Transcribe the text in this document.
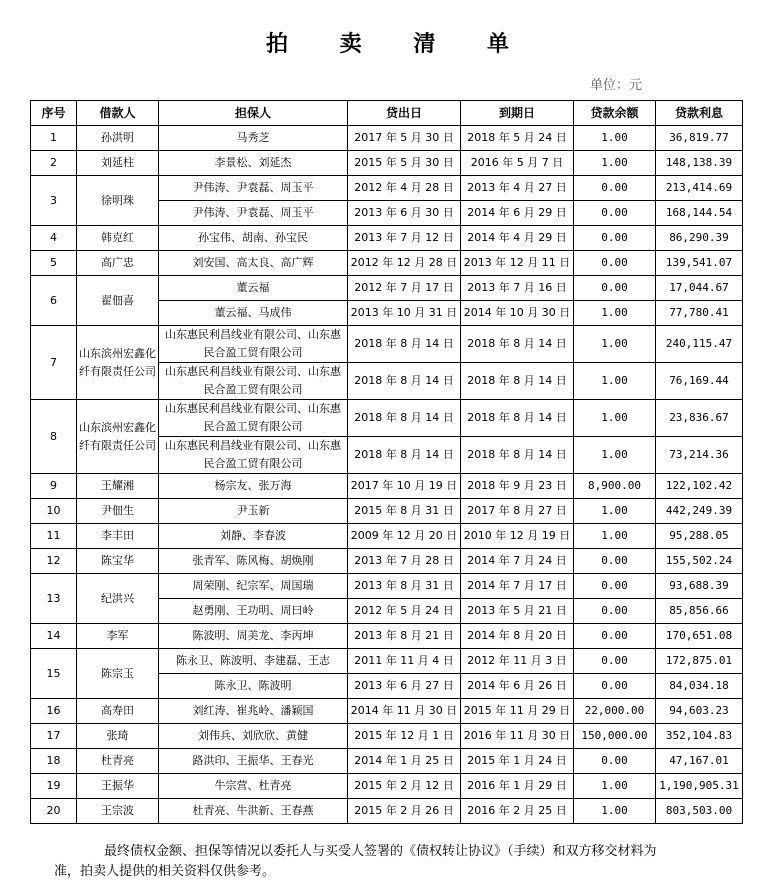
拍 卖 清 单
单位：元
序号	借款人	担保人	贷出日	到期日	贷款余额	贷款利息
1	孙洪明	马秀芝	2017 年 5 月 30 日	2018 年 5 月 24 日	1.00	36,819.77
2	刘延柱	李景松、刘延杰	2015 年 5 月 30 日	2016 年 5 月 7 日	1.00	148,138.39
3	徐明珠	尹伟涛、尹袁磊、周玉平	2012 年 4 月 28 日	2013 年 4 月 27 日	0.00	213,414.69
		尹伟涛、尹袁磊、周玉平	2013 年 6 月 30 日	2014 年 6 月 29 日	0.00	168,144.54
4	韩克红	孙宝伟、胡南、孙宝民	2013 年 7 月 12 日	2014 年 4 月 29 日	0.00	86,290.39
5	高广忠	刘安国、高太良、高广辉	2012 年 12 月 28 日	2013 年 12 月 11 日	0.00	139,541.07
6	翟佃喜	董云福	2012 年 7 月 17 日	2013 年 7 月 16 日	0.00	17,044.67
		董云福、马成伟	2013 年 10 月 31 日	2014 年 10 月 30 日	1.00	77,780.41
7	山东滨州宏鑫化纤有限责任公司	山东惠民利昌线业有限公司、山东惠民合盈工贸有限公司	2018 年 8 月 14 日	2018 年 8 月 14 日	1.00	240,115.47
		山东惠民利昌线业有限公司、山东惠民合盈工贸有限公司	2018 年 8 月 14 日	2018 年 8 月 14 日	1.00	76,169.44
8	山东滨州宏鑫化纤有限责任公司	山东惠民利昌线业有限公司、山东惠民合盈工贸有限公司	2018 年 8 月 14 日	2018 年 8 月 14 日	1.00	23,836.67
		山东惠民利昌线业有限公司、山东惠民合盈工贸有限公司	2018 年 8 月 14 日	2018 年 8 月 14 日	1.00	73,214.36
9	王耀湘	杨宗友、张万海	2017 年 10 月 19 日	2018 年 9 月 23 日	8,900.00	122,102.42
10	尹佃生	尹玉新	2015 年 8 月 31 日	2017 年 8 月 27 日	1.00	442,249.39
11	李丰田	刘静、李春波	2009 年 12 月 20 日	2010 年 12 月 19 日	1.00	95,288.05
12	陈宝华	张青军、陈风梅、胡焕刚	2013 年 7 月 28 日	2014 年 7 月 24 日	0.00	155,502.24
13	纪洪兴	周荣刚、纪宗军、周国瑞	2013 年 8 月 31 日	2014 年 7 月 17 日	0.00	93,688.39
		赵勇刚、王功明、周曰岭	2012 年 5 月 24 日	2013 年 5 月 21 日	0.00	85,856.66
14	李军	陈波明、周美龙、李丙坤	2013 年 8 月 21 日	2014 年 8 月 20 日	0.00	170,651.08
15	陈宗玉	陈永卫、陈波明、李建磊、王志	2011 年 11 月 4 日	2012 年 11 月 3 日	0.00	172,875.01
		陈永卫、陈波明	2013 年 6 月 27 日	2014 年 6 月 26 日	0.00	84,034.18
16	高寿田	刘红涛、崔兆岭、潘颖国	2014 年 11 月 30 日	2015 年 11 月 29 日	22,000.00	94,603.23
17	张琦	刘伟兵、刘欣欣、黄健	2015 年 12 月 1 日	2016 年 11 月 30 日	150,000.00	352,104.83
18	杜青亮	路洪印、王振华、王春光	2014 年 1 月 25 日	2015 年 1 月 24 日	0.00	47,167.01
19	王振华	牛宗营、杜青亮	2015 年 2 月 12 日	2016 年 1 月 29 日	1.00	1,190,905.31
20	王宗波	杜青亮、牛洪新、王春燕	2015 年 2 月 26 日	2016 年 2 月 25 日	1.00	803,503.00
最终债权金额、担保等情况以委托人与买受人签署的《债权转让协议》（手续）和双方移交材料为准，拍卖人提供的相关资料仅供参考。
